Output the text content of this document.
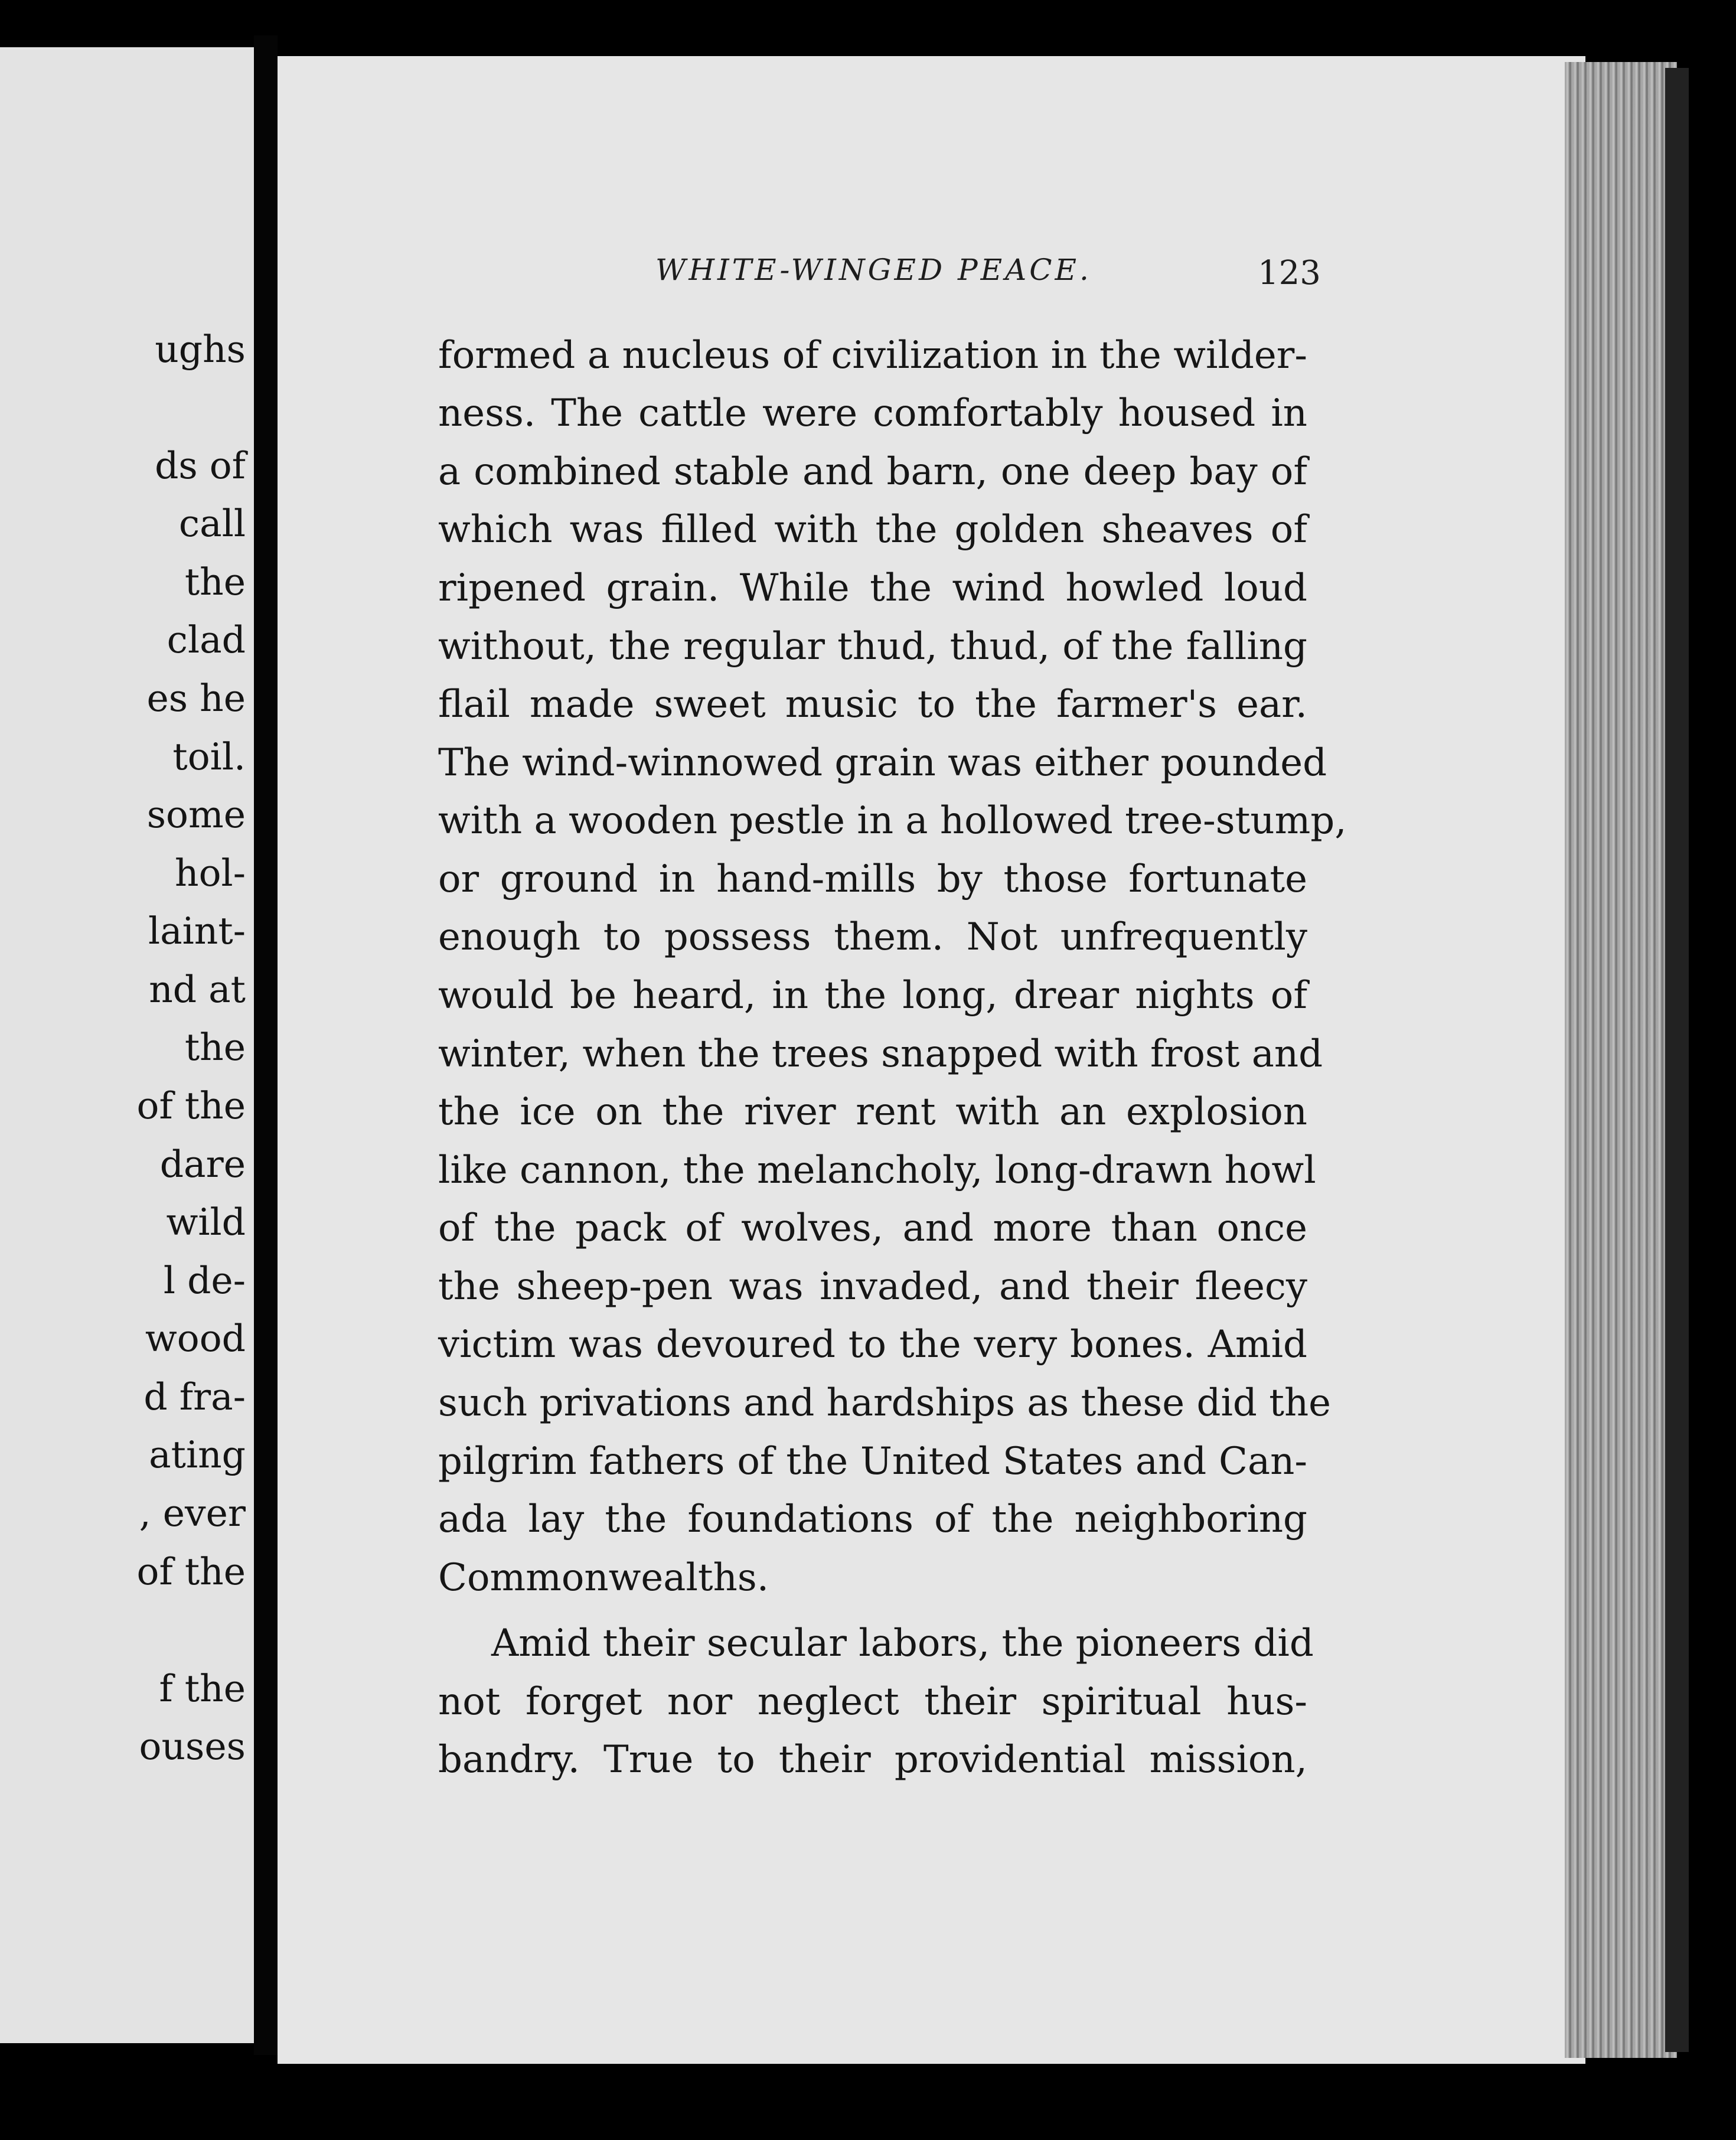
ughs
ds of
call
the
clad
es he
toil.
some
hol-
laint-
nd at
the
of the
dare
wild
l de-
wood
d fra-
ating
, ever
of the
f the
ouses
WHITE-WINGED PEACE.	123
formed a nucleus of civilization in the wilder-
ness. The cattle were comfortably housed in
a combined stable and barn, one deep bay of
which was filled with the golden sheaves of
ripened grain. While the wind howled loud
without, the regular thud, thud, of the falling
flail made sweet music to the farmer's ear.
The wind-winnowed grain was either pounded
with a wooden pestle in a hollowed tree-stump,
or ground in hand-mills by those fortunate
enough to possess them. Not unfrequently
would be heard, in the long, drear nights of
winter, when the trees snapped with frost and
the ice on the river rent with an explosion
like cannon, the melancholy, long-drawn howl
of the pack of wolves, and more than once
the sheep-pen was invaded, and their fleecy
victim was devoured to the very bones. Amid
such privations and hardships as these did the
pilgrim fathers of the United States and Can-
ada lay the foundations of the neighboring
Commonwealths.
Amid their secular labors, the pioneers did
not forget nor neglect their spiritual hus-
bandry. True to their providential mission,
